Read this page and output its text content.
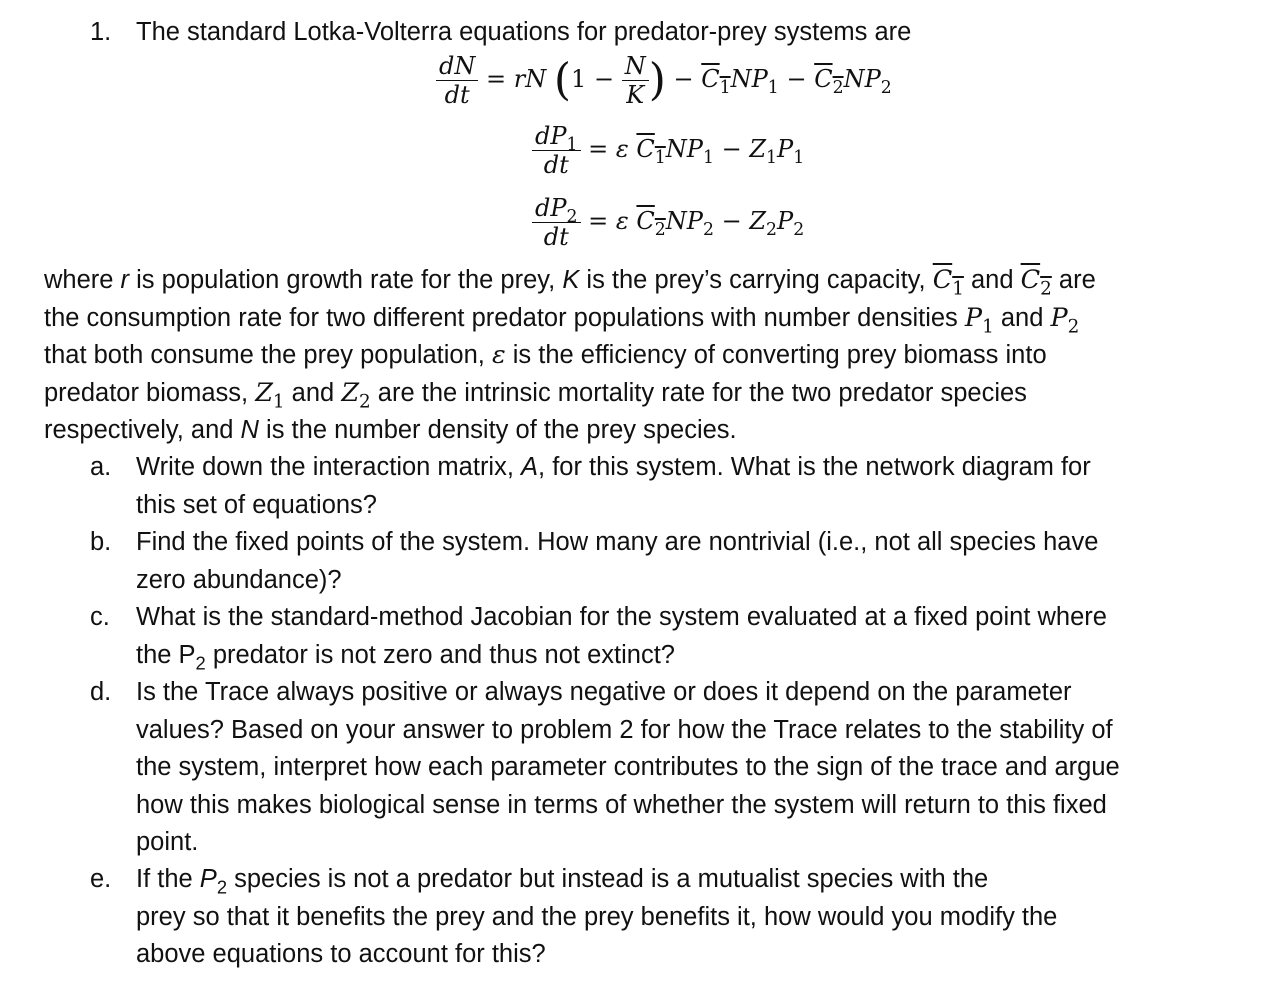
1. The standard Lotka-Volterra equations for predator-prey systems are
$\frac{dN}{dt}$ = rN ($1 - \frac{N}{K}$ ) − $C_1NP_1 - C_2NP_2$
$\frac{dP_1}{dt} = \varepsilon$ $C_1NP_1 - Z_1P_1$
$\frac{dP_2}{dt} = \varepsilon$ $C_2NP_2 - Z_2P_2$
where r is population growth rate for the prey, K is the prey’s carrying capacity, $C_1$ and $C_2$ are
the consumption rate for two different predator populations with number densities $P_1$ and $P_2$
that both consume the prey population, ε is the efficiency of converting prey biomass into
predator biomass, $Z_1$ and $Z_2$ are the intrinsic mortality rate for the two predator species
respectively, and N is the number density of the prey species.
a. Write down the interaction matrix, A, for this system. What is the network diagram for
this set of equations?
b. Find the fixed points of the system. How many are nontrivial (i.e., not all species have
zero abundance)?
c. What is the standard-method Jacobian for the system evaluated at a fixed point where
the $P_2$ predator is not zero and thus not extinct?
d. Is the Trace always positive or always negative or does it depend on the parameter
values? Based on your answer to problem 2 for how the Trace relates to the stability of
the system, interpret how each parameter contributes to the sign of the trace and argue
how this makes biological sense in terms of whether the system will return to this fixed
point.
e. If the $P_2$ species is not a predator but instead is a mutualist species with the
prey so that it benefits the prey and the prey benefits it, how would you modify the
above equations to account for this?
